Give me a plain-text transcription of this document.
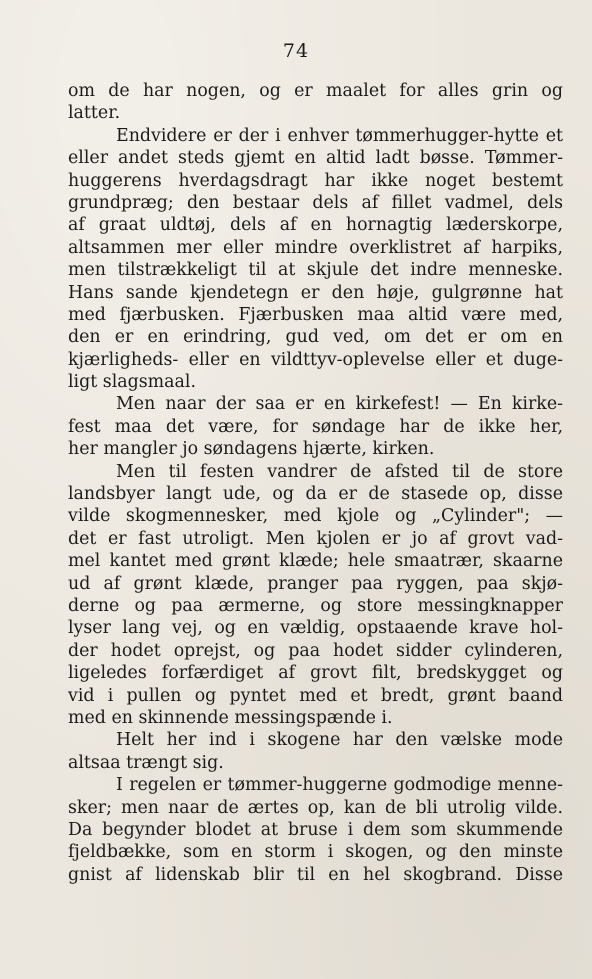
74
om de har nogen, og er maalet for alles grin og
latter.
Endvidere er der i enhver tømmerhugger-hytte et
eller andet steds gjemt en altid ladt bøsse. Tømmer-
huggerens hverdagsdragt har ikke noget bestemt
grundpræg; den bestaar dels af fillet vadmel, dels
af graat uldtøj, dels af en hornagtig læderskorpe,
altsammen mer eller mindre overklistret af harpiks,
men tilstrækkeligt til at skjule det indre menneske.
Hans sande kjendetegn er den høje, gulgrønne hat
med fjærbusken. Fjærbusken maa altid være med,
den er en erindring, gud ved, om det er om en
kjærligheds- eller en vildttyv-oplevelse eller et duge-
ligt slagsmaal.
Men naar der saa er en kirkefest! — En kirke-
fest maa det være, for søndage har de ikke her,
her mangler jo søndagens hjærte, kirken.
Men til festen vandrer de afsted til de store
landsbyer langt ude, og da er de stasede op, disse
vilde skogmennesker, med kjole og „Cylinder"; —
det er fast utroligt. Men kjolen er jo af grovt vad-
mel kantet med grønt klæde; hele smaatrær, skaarne
ud af grønt klæde, pranger paa ryggen, paa skjø-
derne og paa ærmerne, og store messingknapper
lyser lang vej, og en vældig, opstaaende krave hol-
der hodet oprejst, og paa hodet sidder cylinderen,
ligeledes forfærdiget af grovt filt, bredskygget og
vid i pullen og pyntet med et bredt, grønt baand
med en skinnende messingspænde i.
Helt her ind i skogene har den vælske mode
altsaa trængt sig.
I regelen er tømmer-huggerne godmodige menne-
sker; men naar de ærtes op, kan de bli utrolig vilde.
Da begynder blodet at bruse i dem som skummende
fjeldbække, som en storm i skogen, og den minste
gnist af lidenskab blir til en hel skogbrand. Disse
